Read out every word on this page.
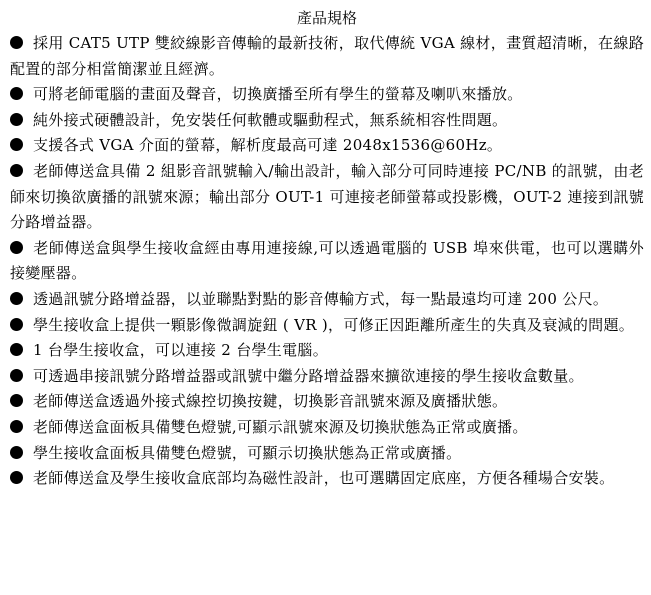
產品規格

採用 CAT5 UTP 雙絞線影音傳輸的最新技術，取代傳統 VGA 線材，畫質超清晰，在線路配置的部分相當簡潔並且經濟。

可將老師電腦的畫面及聲音，切換廣播至所有學生的螢幕及喇叭來播放。

純外接式硬體設計，免安裝任何軟體或驅動程式，無系統相容性問題。

支援各式 VGA 介面的螢幕，解析度最高可達 2048x1536@60Hz。

老師傳送盒具備 2 組影音訊號輸入/輸出設計，輸入部分可同時連接 PC/NB 的訊號，由老師來切換欲廣播的訊號來源；輸出部分 OUT-1 可連接老師螢幕或投影機，OUT-2 連接到訊號分路增益器。

老師傳送盒與學生接收盒經由專用連接線,可以透過電腦的 USB 埠來供電，也可以選購外接變壓器。

透過訊號分路增益器，以並聯點對點的影音傳輸方式，每一點最遠均可達 200 公尺。

學生接收盒上提供一顆影像微調旋鈕 ( VR )，可修正因距離所產生的失真及衰減的問題。

1 台學生接收盒，可以連接 2 台學生電腦。

可透過串接訊號分路增益器或訊號中繼分路增益器來擴欲連接的學生接收盒數量。

老師傳送盒透過外接式線控切換按鍵，切換影音訊號來源及廣播狀態。

老師傳送盒面板具備雙色燈號,可顯示訊號來源及切換狀態為正常或廣播。

學生接收盒面板具備雙色燈號，可顯示切換狀態為正常或廣播。

老師傳送盒及學生接收盒底部均為磁性設計，也可選購固定底座，方便各種場合安裝。
